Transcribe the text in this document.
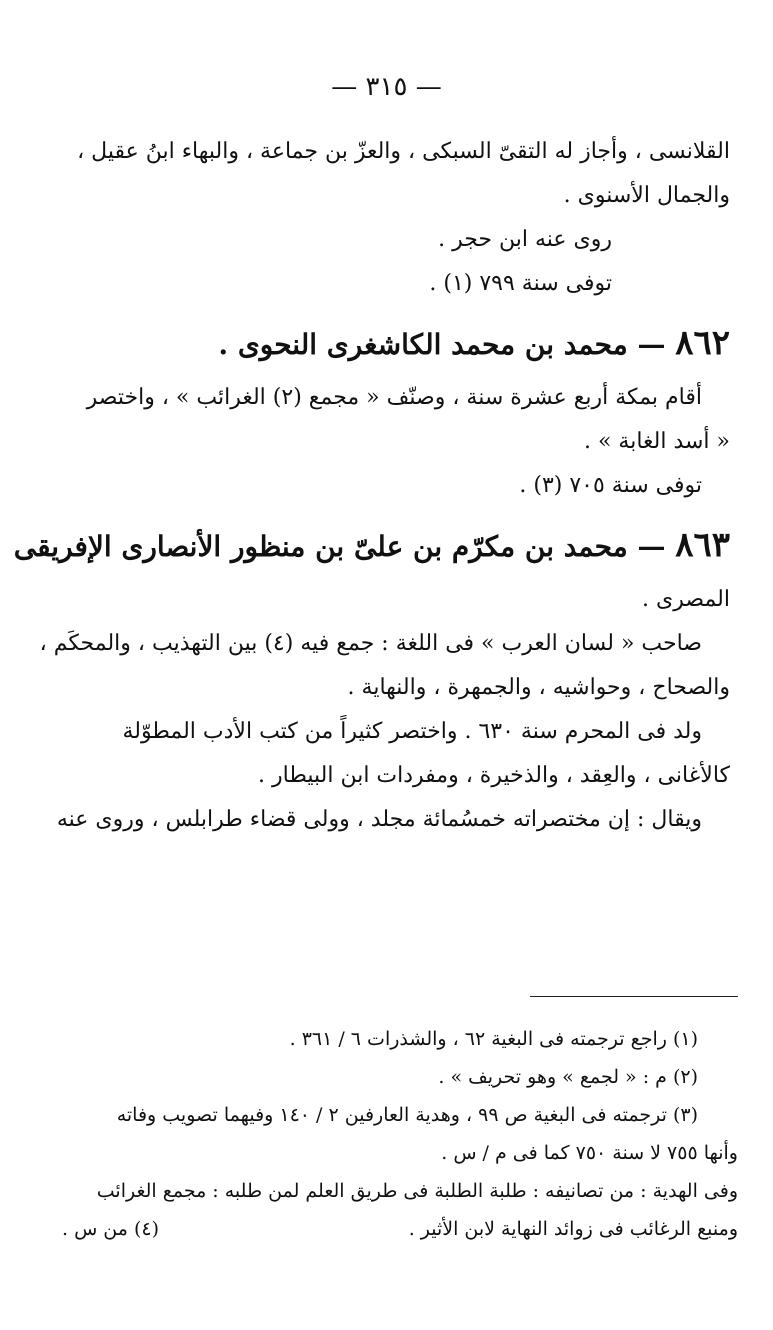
— ٣١٥ —

القلانسى ، وأجاز له التقىّ السبكى ، والعزّ بن جماعة ، والبهاء ابنُ عقيل ،

والجمال الأسنوى .

روى عنه ابن حجر .

توفى سنة ٧٩٩ (١) .

٨٦٢ — محمد بن محمد الكاشغرى النحوى .

أقام بمكة أربع عشرة سنة ، وصنّف « مجمع (٢) الغرائب » ، واختصر

« أسد الغابة » .

توفى سنة ٧٠٥ (٣) .

٨٦٣ — محمد بن مكرّم بن علىّ بن منظور الأنصارى الإفريقى

المصرى .

صاحب « لسان العرب » فى اللغة : جمع فيه (٤) بين التهذيب ، والمحكَم ،

والصحاح ، وحواشيه ، والجمهرة ، والنهاية .

ولد فى المحرم سنة ٦٣٠ . واختصر كثيراً من كتب الأدب المطوّلة

كالأغانى ، والعِقد ، والذخيرة ، ومفردات ابن البيطار .

ويقال : إن مختصراته خمسُمائة مجلد ، وولى قضاء طرابلس ، وروى عنه

(١) راجع ترجمته فى البغية ٦٢ ، والشذرات ٦ / ٣٦١ .

(٢) م : « لجمع » وهو تحريف » .

(٣) ترجمته فى البغية ص ٩٩ ، وهدية العارفين ٢ / ١٤٠ وفيهما تصويب وفاته

وأنها ٧٥٥ لا سنة ٧٥٠ كما فى م / س .

وفى الهدية : من تصانيفه : طلبة الطلبة فى طريق العلم لمن طلبه : مجمع الغرائب

ومنبع الرغائب فى زوائد النهاية لابن الأثير .
(٤) من س .
